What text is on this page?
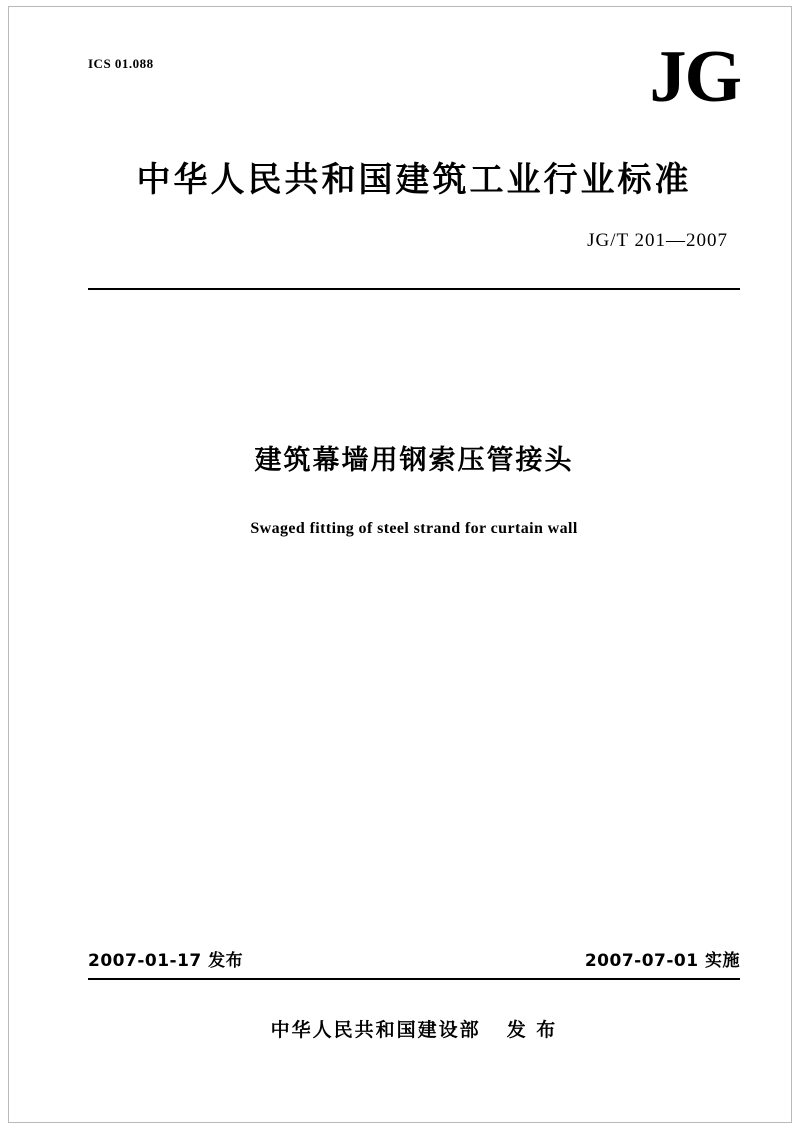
ICS 01.088	JG
中华人民共和国建筑工业行业标准
JG/T 201—2007
建筑幕墙用钢索压管接头
Swaged fitting of steel strand for curtain wall
2007-01-17 发布	2007-07-01 实施
中华人民共和国建设部 发 布
